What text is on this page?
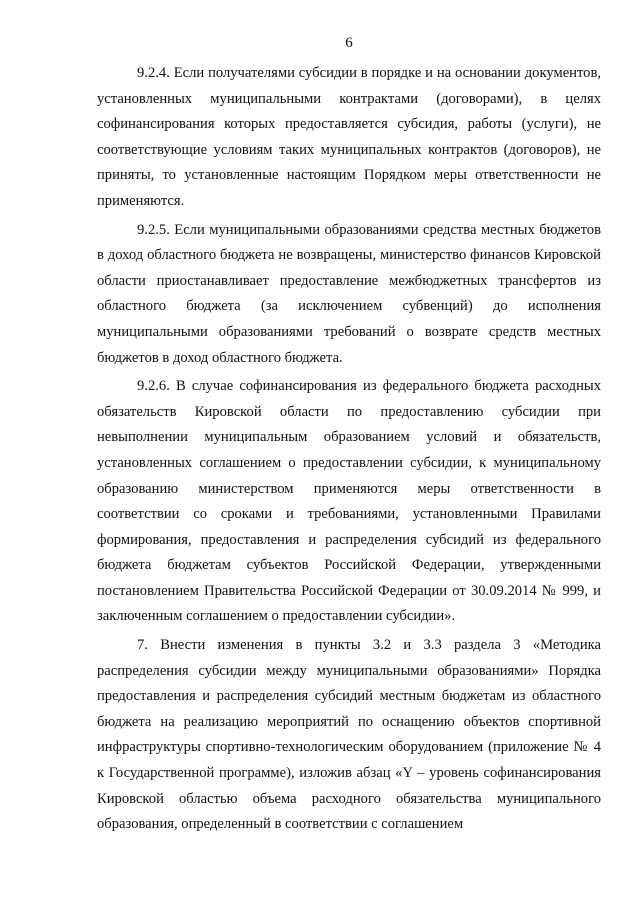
6

9.2.4. Если получателями субсидии в порядке и на основании документов, установленных муниципальными контрактами (договорами), в целях софинансирования которых предоставляется субсидия, работы (услуги), не соответствующие условиям таких муниципальных контрактов (договоров), не приняты, то установленные настоящим Порядком меры ответственности не применяются.

9.2.5. Если муниципальными образованиями средства местных бюджетов в доход областного бюджета не возвращены, министерство финансов Кировской области приостанавливает предоставление межбюджетных трансфертов из областного бюджета (за исключением субвенций) до исполнения муниципальными образованиями требований о возврате средств местных бюджетов в доход областного бюджета.

9.2.6. В случае софинансирования из федерального бюджета расходных обязательств Кировской области по предоставлению субсидии при невыполнении муниципальным образованием условий и обязательств, установленных соглашением о предоставлении субсидии, к муниципальному образованию министерством применяются меры ответственности в соответствии со сроками и требованиями, установленными Правилами формирования, предоставления и распределения субсидий из федерального бюджета бюджетам субъектов Российской Федерации, утвержденными постановлением Правительства Российской Федерации от 30.09.2014 № 999, и заключенным соглашением о предоставлении субсидии».

7. Внести изменения в пункты 3.2 и 3.3 раздела 3 «Методика распределения субсидии между муниципальными образованиями» Порядка предоставления и распределения субсидий местным бюджетам из областного бюджета на реализацию мероприятий по оснащению объектов спортивной инфраструктуры спортивно-технологическим оборудованием (приложение № 4 к Государственной программе), изложив абзац «Y – уровень софинансирования Кировской областью объема расходного обязательства муниципального образования, определенный в соответствии с соглашением
